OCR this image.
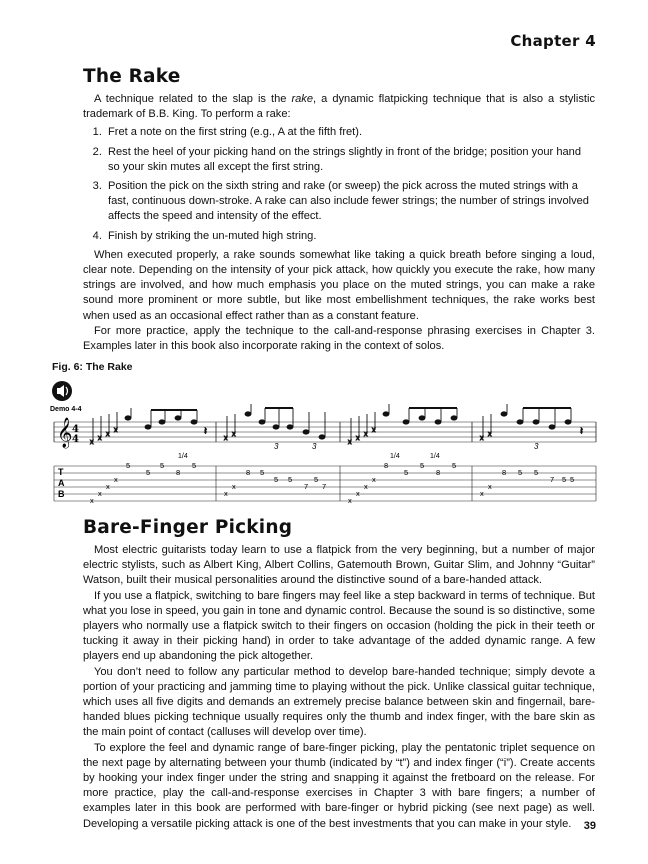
Chapter 4
The Rake

A technique related to the slap is the rake, a dynamic flatpicking technique that is also a stylistic trademark of B.B. King. To perform a rake:

1. Fret a note on the first string (e.g., A at the fifth fret).
2. Rest the heel of your picking hand on the strings slightly in front of the bridge; position your hand so your skin mutes all except the first string.
3. Position the pick on the sixth string and rake (or sweep) the pick across the muted strings with a fast, continuous down-stroke. A rake can also include fewer strings; the number of strings involved affects the speed and intensity of the effect.
4. Finish by striking the un-muted high string.

When executed properly, a rake sounds somewhat like taking a quick breath before singing a loud, clear note. Depending on the intensity of your pick attack, how quickly you execute the rake, how many strings are involved, and how much emphasis you place on the muted strings, you can make a rake sound more prominent or more subtle, but like most embellishment techniques, the rake works best when used as an occasional effect rather than as a constant feature.

For more practice, apply the technique to the call-and-response phrasing exercises in Chapter 3. Examples later in this book also incorporate raking in the context of solos.

Fig. 6: The Rake
Demo 4-4
𝄞 4
4 x
x
x
x	𝄽
x
x
x
x
x
x
x
x	𝄽
3	3	3
T
A
B
1/4	1/4	1/4
x
x
x
x
5
5
5
8
5
x
x
8 5
5 5
7
5
7
x
x
x
x
8
5
5
8
5
x
x
8 5 5
7 5 5
Bare-Finger Picking

Most electric guitarists today learn to use a flatpick from the very beginning, but a number of major electric stylists, such as Albert King, Albert Collins, Gatemouth Brown, Guitar Slim, and Johnny “Guitar” Watson, built their musical personalities around the distinctive sound of a bare-handed attack.

If you use a flatpick, switching to bare fingers may feel like a step backward in terms of technique. But what you lose in speed, you gain in tone and dynamic control. Because the sound is so distinctive, some players who normally use a flatpick switch to their fingers on occasion (holding the pick in their teeth or tucking it away in their picking hand) in order to take advantage of the added dynamic range. A few players end up abandoning the pick altogether.

You don’t need to follow any particular method to develop bare-handed technique; simply devote a portion of your practicing and jamming time to playing without the pick. Unlike classical guitar technique, which uses all five digits and demands an extremely precise balance between skin and fingernail, bare-handed blues picking technique usually requires only the thumb and index finger, with the bare skin as the main point of contact (calluses will develop over time).

To explore the feel and dynamic range of bare-finger picking, play the pentatonic triplet sequence on the next page by alternating between your thumb (indicated by “t”) and index finger (“i”). Create accents by hooking your index finger under the string and snapping it against the fretboard on the release. For more practice, play the call-and-response exercises in Chapter 3 with bare fingers; a number of examples later in this book are performed with bare-finger or hybrid picking (see next page) as well. Developing a versatile picking attack is one of the best investments that you can make in your style.	39
